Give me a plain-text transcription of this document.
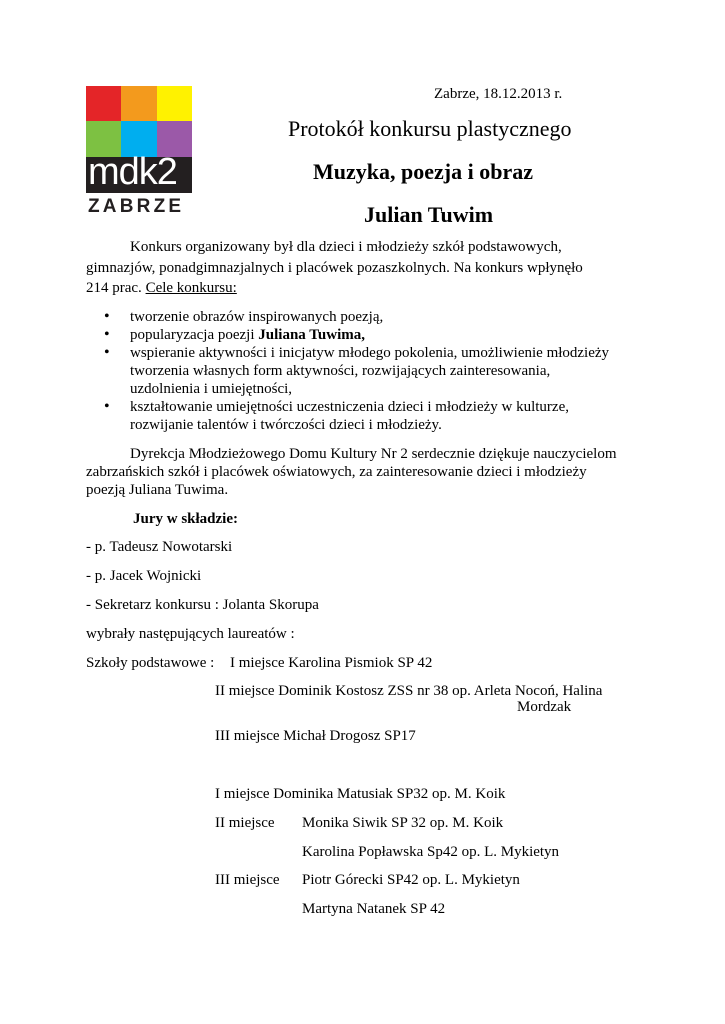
mdk2
ZABRZE
Zabrze, 18.12.2013 r.
Protokół konkursu plastycznego
Muzyka, poezja i obraz
Julian Tuwim
Konkurs organizowany był dla dzieci i młodzieży szkół podstawowych,
gimnazjów, ponadgimnazjalnych i placówek pozaszkolnych. Na konkurs wpłynęło
214 prac. Cele konkursu:
• tworzenie obrazów inspirowanych poezją,
• popularyzacja poezji Juliana Tuwima,
• wspieranie aktywności i inicjatyw młodego pokolenia, umożliwienie młodzieży
tworzenia własnych form aktywności, rozwijających zainteresowania,
uzdolnienia i umiejętności,
• kształtowanie umiejętności uczestniczenia dzieci i młodzieży w kulturze,
rozwijanie talentów i twórczości dzieci i młodzieży.
Dyrekcja Młodzieżowego Domu Kultury Nr 2 serdecznie dziękuje nauczycielom
zabrzańskich szkół i placówek oświatowych, za zainteresowanie dzieci i młodzieży
poezją Juliana Tuwima.
Jury w składzie:
- p. Tadeusz Nowotarski
- p. Jacek Wojnicki
- Sekretarz konkursu : Jolanta Skorupa
wybrały następujących laureatów :
Szkoły podstawowe : I miejsce Karolina Pismiok SP 42
II miejsce Dominik Kostosz ZSS nr 38 op. Arleta Nocoń, Halina
Mordzak
III miejsce Michał Drogosz SP17
I miejsce Dominika Matusiak SP32 op. M. Koik
II miejsce Monika Siwik SP 32 op. M. Koik
Karolina Popławska Sp42 op. L. Mykietyn
III miejsce Piotr Górecki SP42 op. L. Mykietyn
Martyna Natanek SP 42
